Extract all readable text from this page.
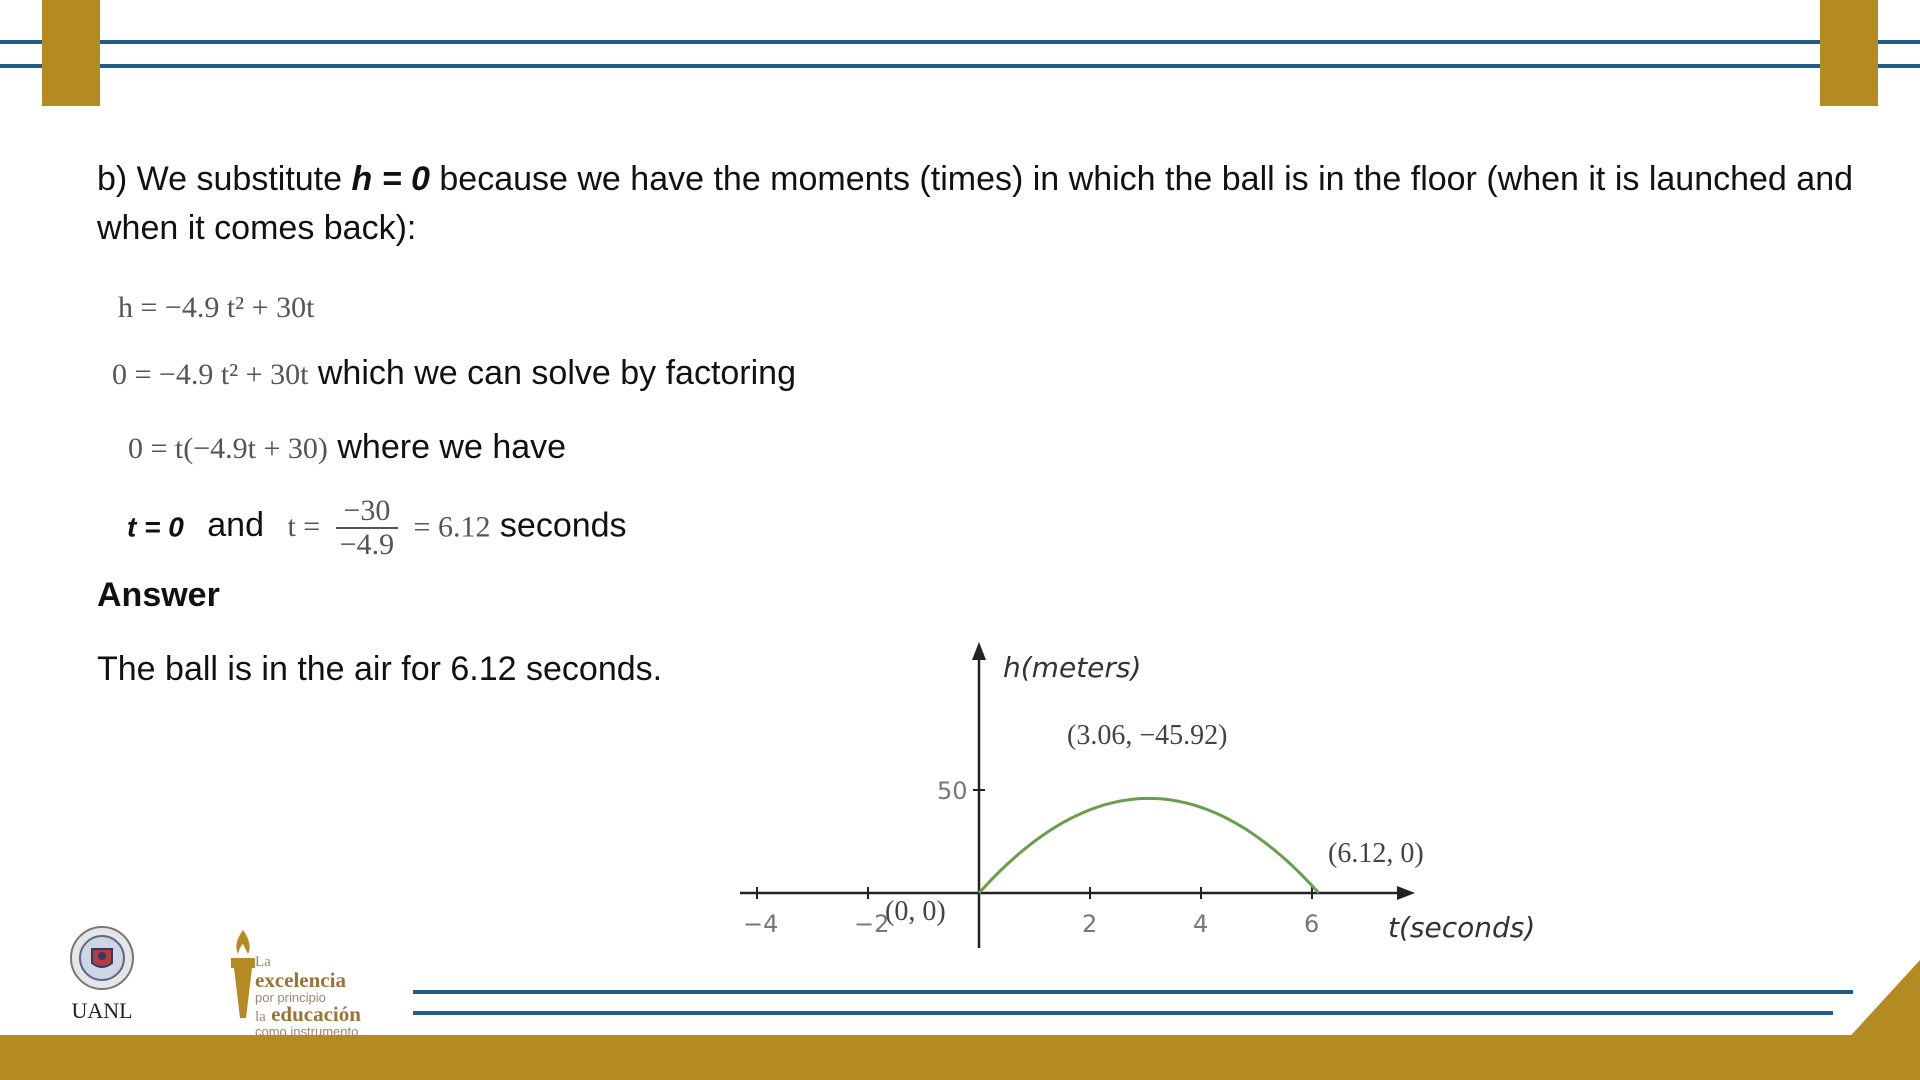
b) We substitute h = 0 because we have the moments (times) in which the ball is in the floor (when it is launched and when it comes back):
h = −4.9 t² + 30t
0 = −4.9 t² + 30t which we can solve by factoring
0 = t(−4.9t + 30) where we have
t = 0 and $t = \frac{-30}{-4.9} = 6.12$ seconds
Answer
The ball is in the air for 6.12 seconds.
−4	−2	2	4	6
50
h(meters)
t(seconds)
(0, 0)
(3.06, −45.92)
(6.12, 0)
UANL
La
excelencia
por principio
la educación
como instrumento
